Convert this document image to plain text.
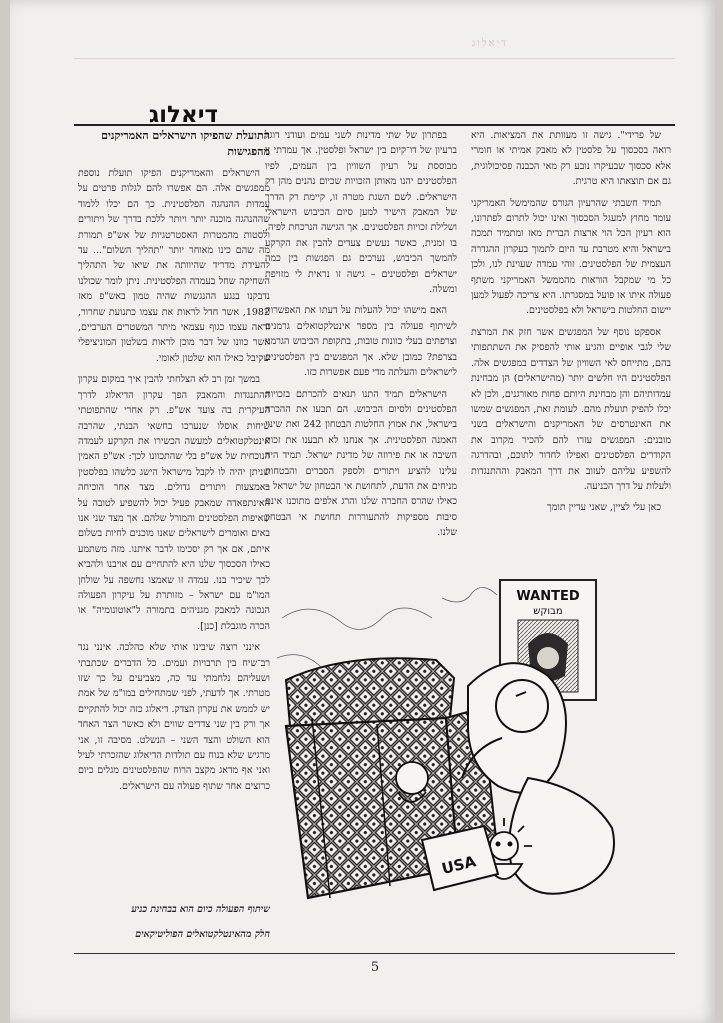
דיאלוג
דיאלוג

של פרידי". גישה זו מעוותת את המציאות. היא רואה בסכסוך על פלסטין לא מאבק אמיתי או חומרי אלא סכסוך שבעיקרו נובע רק מאי הכבנה פסיכולוגית, גם אם תוצאתו היא טרגית.

תמיד חשבתי שהרעיון הגורס שהמימשל האמריקני עומד מחוץ למעגל הסכסוך ואינו יכול לתרום לפתרונו, הוא רעיון הכל הוי ארצות הברית מאז ומתמיד תמכה בישראל והיא מטרבת עד היום לתמוך בעקרון ההגדרה העצמית של הפלסטינים. זוהי עמדה שעוינת לנו, ולכן כל מי שמקבל הוראות מהממשל האמריקני משתף פעולה איתו או פועל במסגרתו. היא צריכה לפעול למען יישום החלטות בישראל ולא בפלסטינים.

אספקט נוסף של המפגשים אשר חזק את המרצת שלי לגבי אופיים והגיע אותי להפסיק את השתתפותי בהם, מתייחס לאי השוויון של הצדדים במפגשים אלה. הפלסטינים היו חלשים יותר (מהישראלים) הן מבחינת עמדותיהם והן מבחינת היותם פחות מאורגנים, ולכן לא יכלו להפיק תועלת מהם. לעומת זאת, המפגשים שמשו את האינטרסים של האמריקנים והישראלים בשני מובנים: המפגשים עזרו להם להכיר מקרוב את הקודרים הפלסטינים ואפילו לחדור לתוכם, ובהדרגה להשפיע עליהם לעזוב את דרך המאבק וההתנגדות ולעלות על דרך הכניעה.

כאן עלי לציין, שאני עדיין תומך

בפתרון של שתי מדינות לשני עמים ועודני דוגל ברעיון של דו־קיום בין ישראל ופלסטין. אך עמדתי זו מבוססת על רעיון השוויון בין העמים, לפיו הפלסטינים יהנו מאותן הזכויות שכיום נהנים מהן רק הישראלים. לשם השגת מטרה זו, קיימת רק הדרך של המאבק הישיר למען סיום הכיבוש הישראלי ושלילת זכויות הפלסטינים. אך הגישה הנרכחת לפיה, בו זמנית, כאשר נעשים צעדים להבין את הקרקע להמשך הכיבוש, נערכים גם הפגשות בין כמה ישראלים ופלסטינים – גישה זו נראית לי מזויפת ומשלה.

האם מישהו יכול להעלות על דעתו את האפשרות לשיתוף פעולה בין מספר אינטלקטואלים גרמנים וצרפתים בעלי כוונות טובות, בתקופת הכיבוש הגרמני בצרפת? כמובן שלא. אך המפגשים בין הפלסטינים לישראלים והעלתה מדי פעם אפשרות כזו.

הישראלים תמיד התנו תנאים להכרתם בזכויות הפלסטינים ולסיום הכיבוש. הם תבעו את ההכרה בישראל, את אמוץ החלטות הבטחון 242 ואת שינוי האמנה הפלסטינית. אך אנחנו לא תבענו את זכות השיבה או את פירוזה של מדינת ישראל. תמיד היה עלינו להציע ויתורים ולספק הסברים והבטחות מניחים את הדעת, לתחושת אי הבטחון של ישראל – כאילו שהרס החברה שלנו והרג אלפים מתוכנו אינם סיבות מספיקות להתעוררות תחושת אי הבטחון שלנו.

התועלת שהפיקו הישראלים האמריקנים מהפגישות

הישראלים והאמריקנים הפיקו תועלת נוספת ממפגשים אלה. הם אפשרו להם לגלות פרטים על עמדות ההנהגה הפלסטינית. כך הם יכלו ללמוד שההנהגה מוכנה יותר ויותר ללכת בדרך של ויתורים ולסטות מהמטרות האסטרטגיות של אש"פ תמורת מה שהם כינו מאוחר יותר "תהליך השלום"... עד להעידת מדריד שהיוותה את שיאו של התהליך השחיקה שחל בעמדה הפלסטינית. ניתן לומר שכולנו נדבקנו בנגע ההנגשות שהיה טמון באש"פ מאז 1982, אשר חדל לראות את עצמו כתנועת שחרור, וראה עצמו כגוף עצמאי מיתר המשטרים הערביים, אשר כוונו של דבר מוכן לראות בשלטון המוניציפלי שקיבל כאילו הוא שלטון לאומי.

במשך זמן רב לא הצלחתי להבין איך במקום עקרון ההתנגדות והמאבק הפך עקרון הדיאלוג לדרך העיקרית בה צועד אש"פ. רק אחרי שהתפוטתי שיחות אוסלו שנערכו בחשאי הבנתי, שהרבה אינטלקטואלים למעשה הכשירו את הקרקע לעמדה הנוכחית של אש"פ בלי שהתכוונו לכך: אש"פ האמין שניתן יהיה לו לקבל מישראל הישג כלשהו בפלסטין באמצעות ויתורים גדולים. מצד אחר הוכיחה האינתפאדה שמאבק פעיל יכול להשפיע לטובה על שאיפות הפלסטינים והמורל שלהם. אך מצד שני אנו באים ואומרים לישראלים שאנו מוכנים לחיות בשלום איתם, אם אך רק יסכימו לדבר איתנו. מזה משתמע כאילו הסכסוך שלנו היא להתחיים עם אויבנו ולהביא לכך שיכיר בנו. עמדה זו שאמצו נחשפה על שולחן המו"מ עם ישראל – מזותרת על עיקרון הפעולה הנכונה למאבק מגניהים בתמורה ל"אוטונומיה" או הכרה מוגבלת [כנן].

אינני רוצה שיבינו אותי שלא כהלכה. אינני נגד רב־שיח בין תרבויות ועמים. כל הדברים שכתבתי ושעליהם נלחמתי עד כה, מצביעים על כך שזו מטרתי. אך לדעתי, לפני שמתחילים במו"מ של אמת יש לממש את עקרון הצדק. דיאלוג כזה יכול להתקיים אך ורק בין שני צדדים שווים ולא כאשר הצד האחד הוא השולט והצד השני – הנשלט. מסיבה זו, אני מרגיש שלא בנוח עם תולדות הדיאלוג שהזכרתי לעיל ואני אף מדאג מקצב הרוח שהפלסטינים מגלים כיום כרוצים אחר שתוף פעולה עם הישראלים.

שיתוף הפעולה כיום הוא בבחינת כניע
חלק מהאינטלקטואלים הפוליטיקאים
WANTED
מבוקש
USA
5
